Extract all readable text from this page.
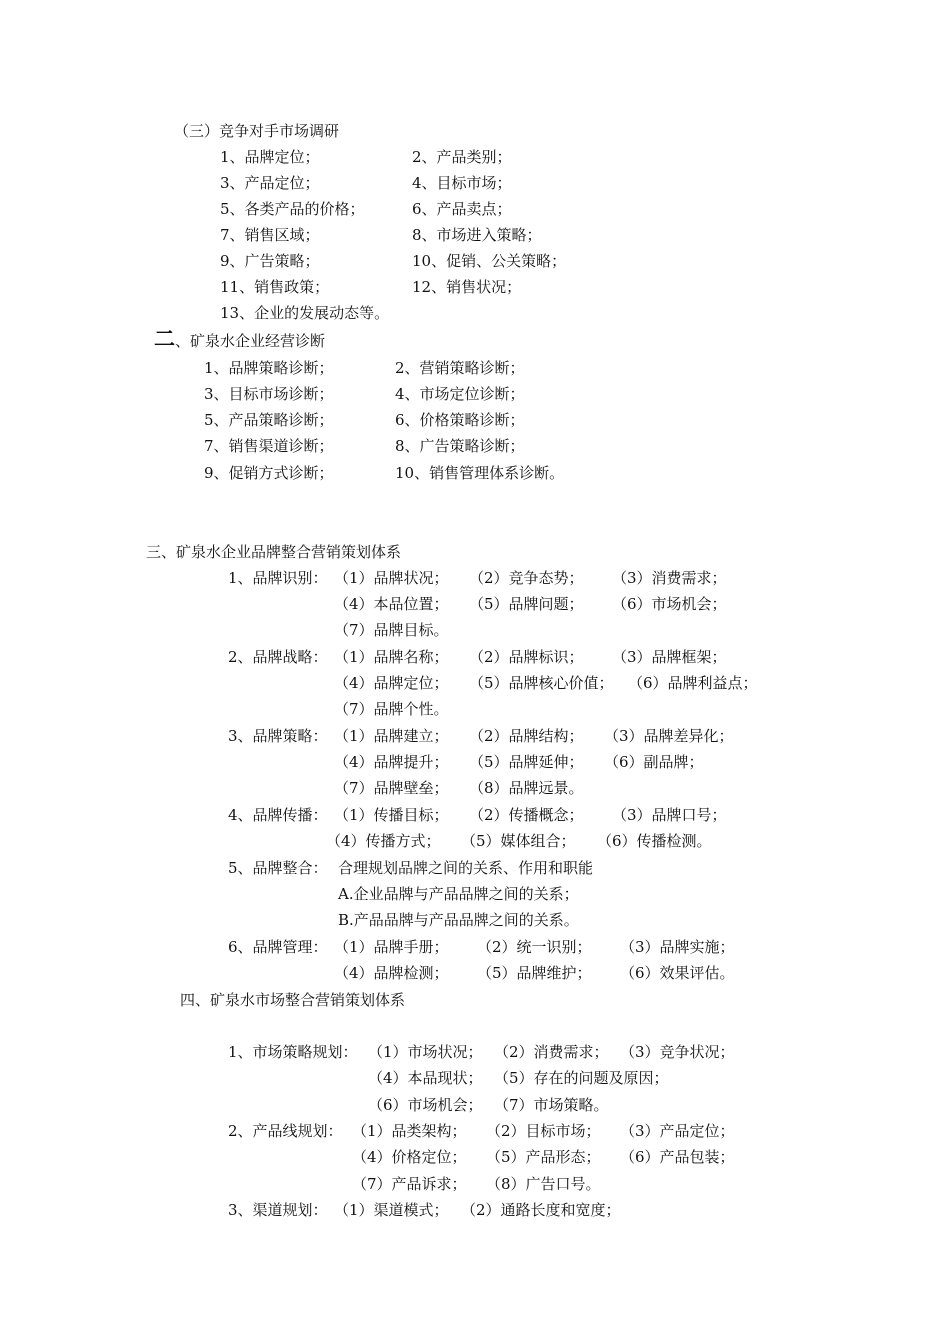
（三）竞争对手市场调研
1、品牌定位；	2、产品类别；
3、产品定位；	4、目标市场；
5、各类产品的价格；	6、产品卖点；
7、销售区域；	8、市场进入策略；
9、广告策略；	10、促销、公关策略；
11、销售政策；	12、销售状况；
13、企业的发展动态等。
二、矿泉水企业经营诊断
1、品牌策略诊断；	2、营销策略诊断；
3、目标市场诊断；	4、市场定位诊断；
5、产品策略诊断；	6、价格策略诊断；
7、销售渠道诊断；	8、广告策略诊断；
9、促销方式诊断；	10、销售管理体系诊断。
三、矿泉水企业品牌整合营销策划体系
1、品牌识别： （1）品牌状况； （2）竞争态势； （3）消费需求；
（4）本品位置； （5）品牌问题； （6）市场机会；
（7）品牌目标。
2、品牌战略： （1）品牌名称； （2）品牌标识； （3）品牌框架；
（4）品牌定位； （5）品牌核心价值； （6）品牌利益点；
（7）品牌个性。
3、品牌策略： （1）品牌建立； （2）品牌结构； （3）品牌差异化；
（4）品牌提升； （5）品牌延伸； （6）副品牌；
（7）品牌壁垒； （8）品牌远景。
4、品牌传播： （1）传播目标； （2）传播概念； （3）品牌口号；
（4）传播方式； （5）媒体组合； （6）传播检测。
5、品牌整合： 合理规划品牌之间的关系、作用和职能
A.企业品牌与产品品牌之间的关系；
B.产品品牌与产品品牌之间的关系。
6、品牌管理： （1）品牌手册； （2）统一识别； （3）品牌实施；
（4）品牌检测； （5）品牌维护； （6）效果评估。
四、矿泉水市场整合营销策划体系
1、市场策略规划： （1）市场状况； （2）消费需求； （3）竞争状况；
（4）本品现状； （5）存在的问题及原因；
（6）市场机会； （7）市场策略。
2、产品线规划： （1）品类架构； （2）目标市场； （3）产品定位；
（4）价格定位； （5）产品形态； （6）产品包装；
（7）产品诉求； （8）广告口号。
3、渠道规划： （1）渠道模式； （2）通路长度和宽度；
